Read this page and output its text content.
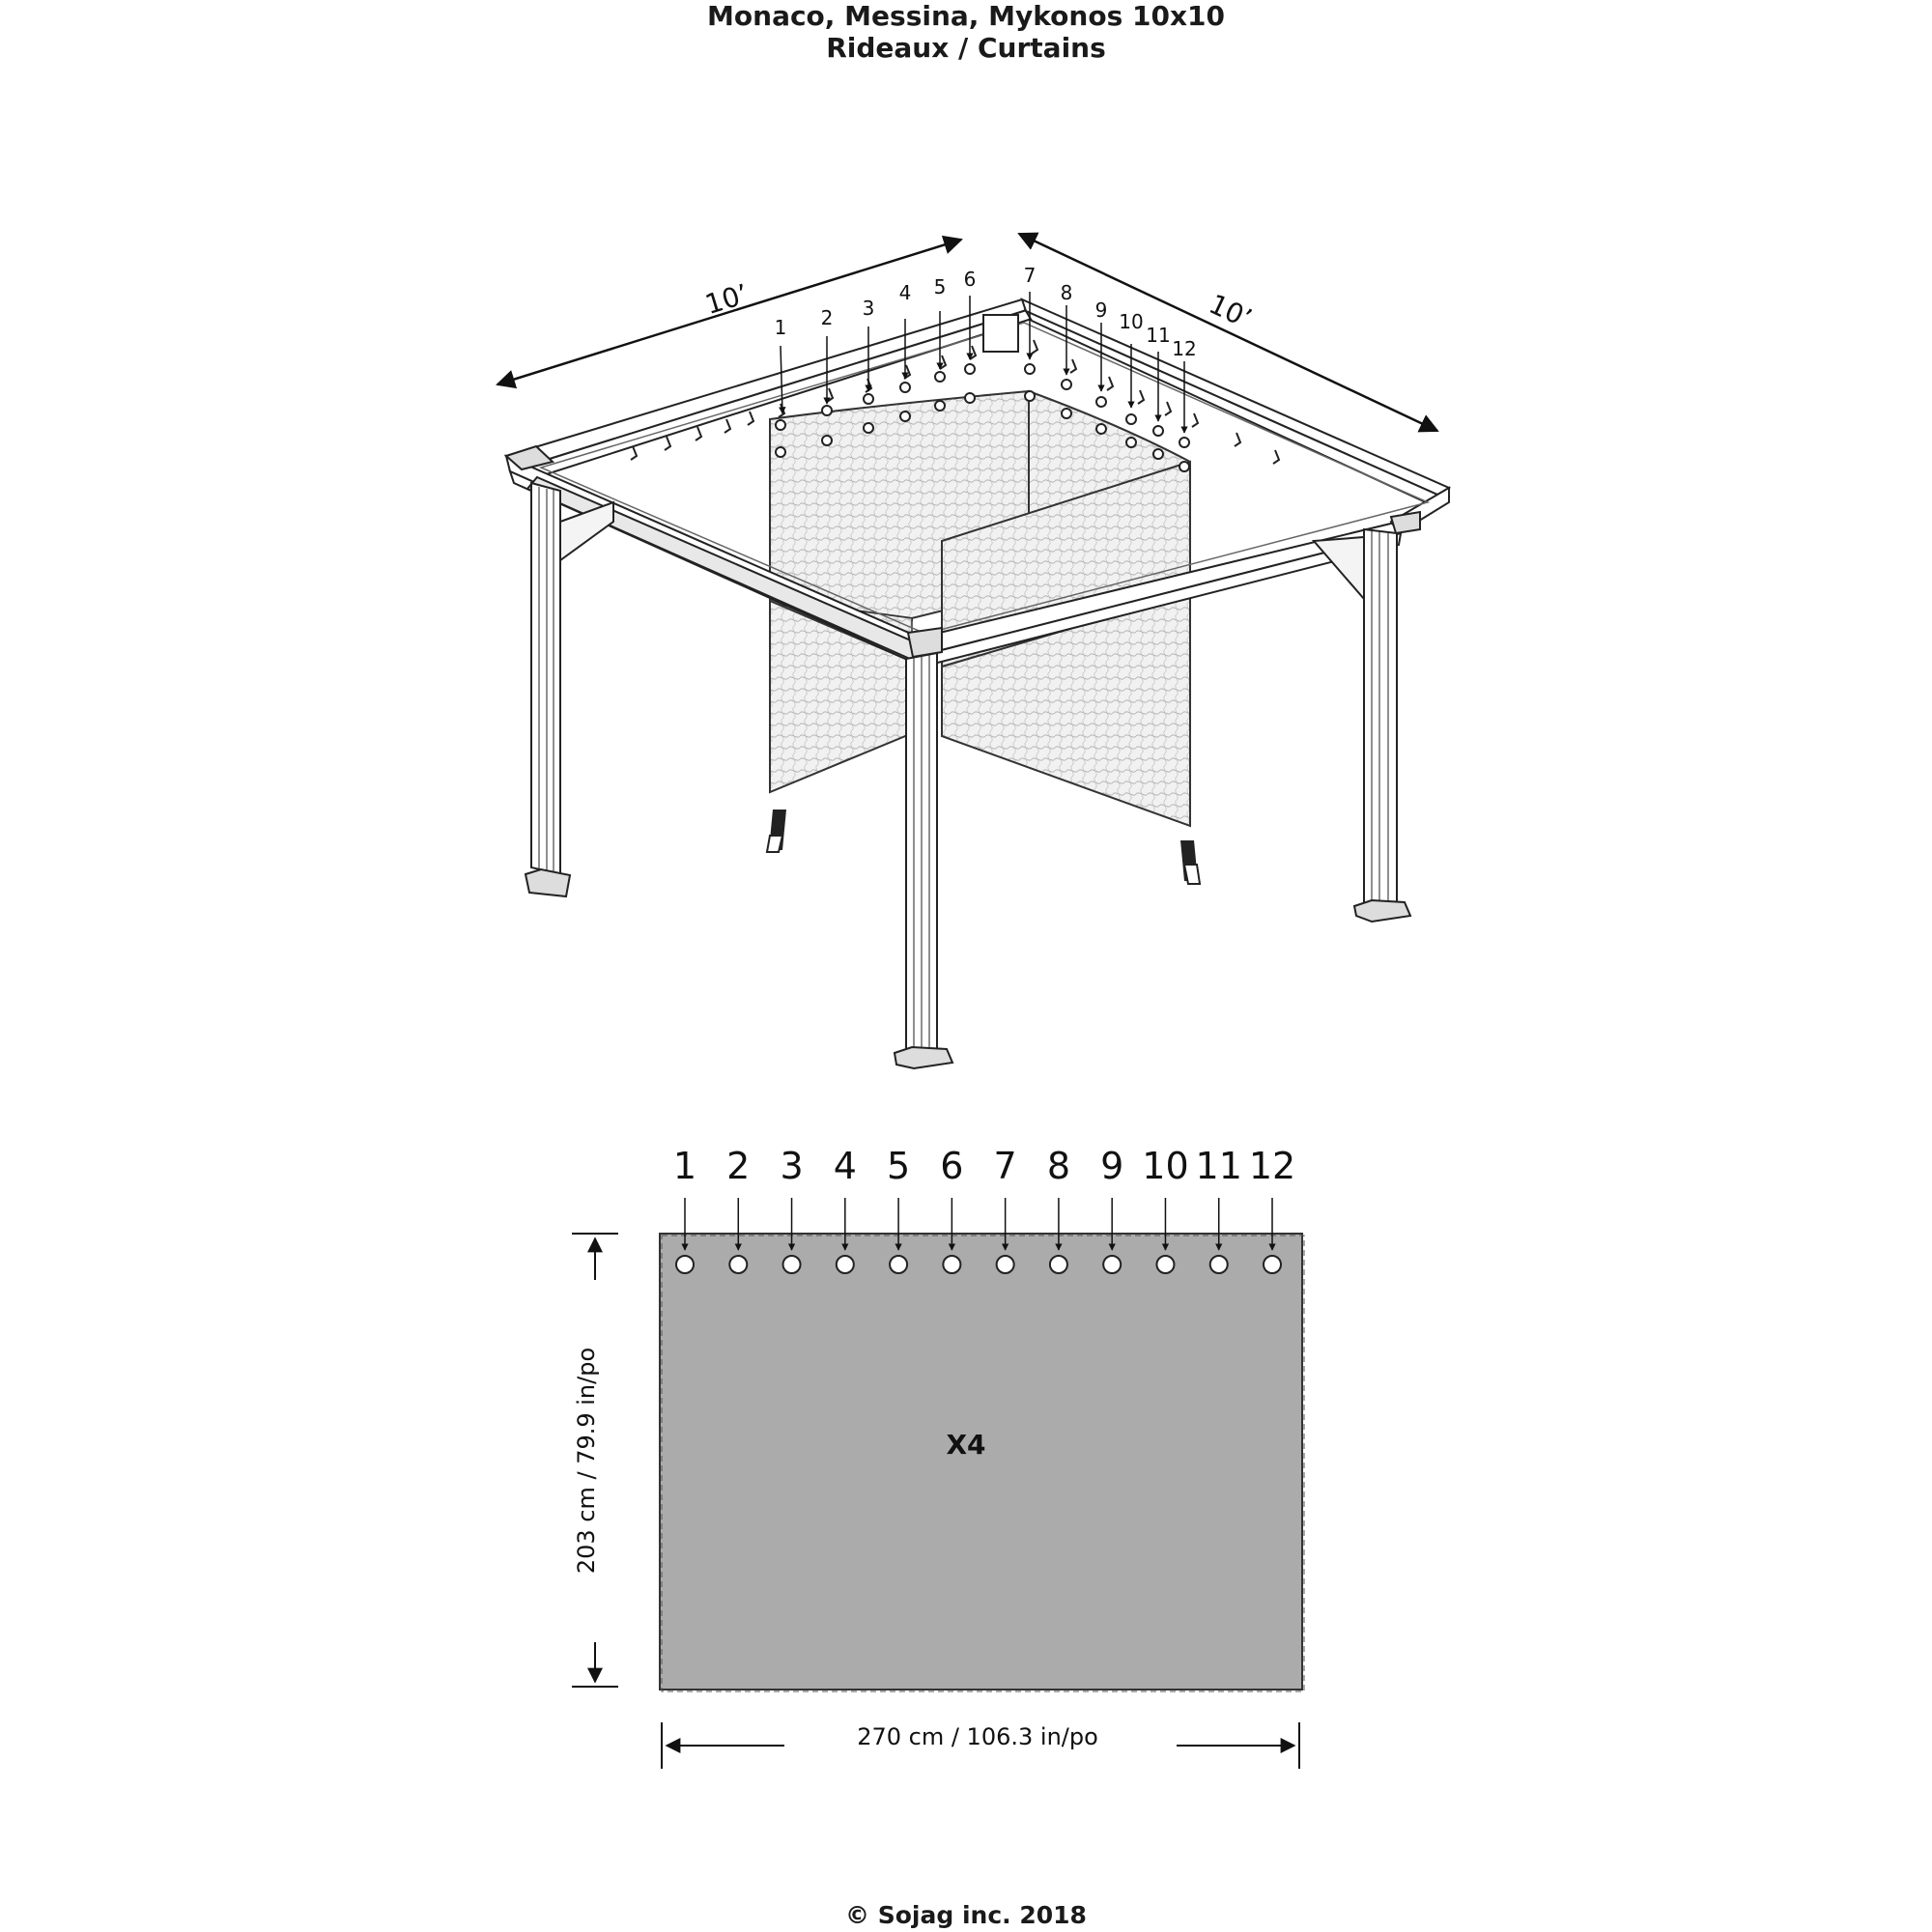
Monaco, Messina, Mykonos 10x10
Rideaux / Curtains
10’	10’
1 2 3
4 5 6 7
8
9 10
11
12
1 2 3 4 5 6 7 8 9 10 11 12
X4
203 cm / 79.9 in/po
270 cm / 106.3 in/po
© Sojag inc. 2018
